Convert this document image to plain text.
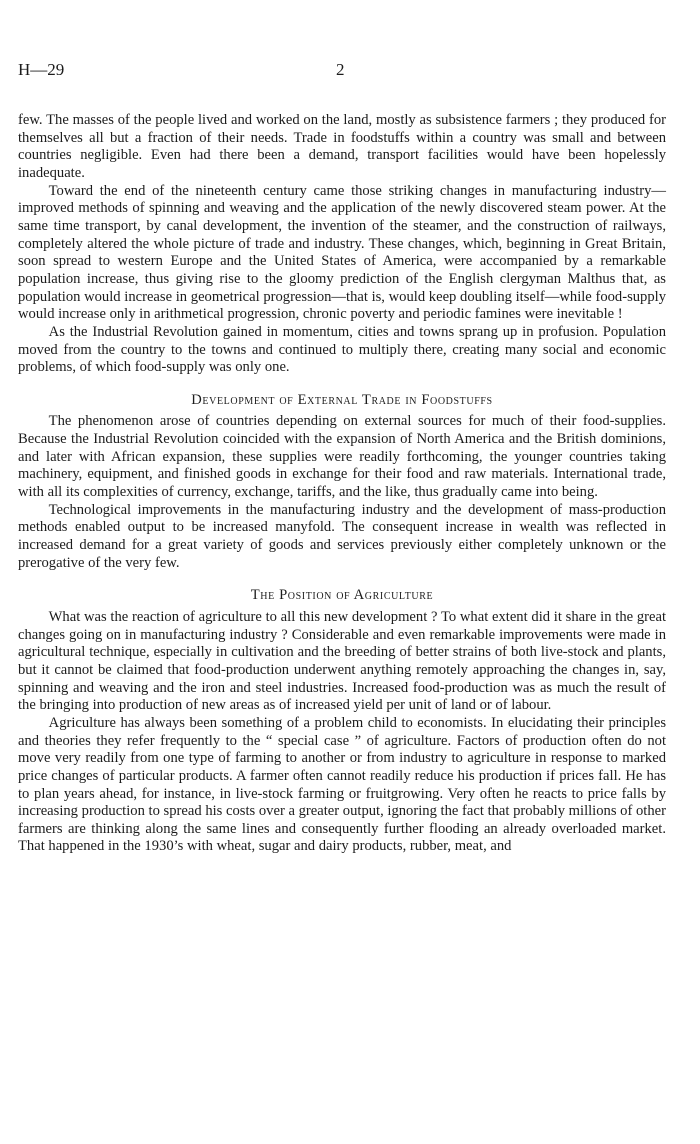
H—29	2

few. The masses of the people lived and worked on the land, mostly as subsistence farmers ; they produced for themselves all but a fraction of their needs. Trade in foodstuffs within a country was small and between countries negligible. Even had there been a demand, transport facilities would have been hopelessly inadequate.

Toward the end of the nineteenth century came those striking changes in manufacturing industry—improved methods of spinning and weaving and the application of the newly discovered steam power. At the same time transport, by canal development, the invention of the steamer, and the construction of railways, completely altered the whole picture of trade and industry. These changes, which, beginning in Great Britain, soon spread to western Europe and the United States of America, were accompanied by a remarkable population increase, thus giving rise to the gloomy prediction of the English clergyman Malthus that, as population would increase in geometrical progression—that is, would keep doubling itself—while food-supply would increase only in arithmetical progression, chronic poverty and periodic famines were inevitable !

As the Industrial Revolution gained in momentum, cities and towns sprang up in profusion. Population moved from the country to the towns and continued to multiply there, creating many social and economic problems, of which food-supply was only one.

Development of External Trade in Foodstuffs

The phenomenon arose of countries depending on external sources for much of their food-supplies. Because the Industrial Revolution coincided with the expansion of North America and the British dominions, and later with African expansion, these supplies were readily forthcoming, the younger countries taking machinery, equipment, and finished goods in exchange for their food and raw materials. International trade, with all its complexities of currency, exchange, tariffs, and the like, thus gradually came into being.

Technological improvements in the manufacturing industry and the development of mass-production methods enabled output to be increased manyfold. The consequent increase in wealth was reflected in increased demand for a great variety of goods and services previously either completely unknown or the prerogative of the very few.

The Position of Agriculture

What was the reaction of agriculture to all this new development ? To what extent did it share in the great changes going on in manufacturing industry ? Considerable and even remarkable improvements were made in agricultural technique, especially in cultivation and the breeding of better strains of both live-stock and plants, but it cannot be claimed that food-production underwent anything remotely approaching the changes in, say, spinning and weaving and the iron and steel industries. Increased food-production was as much the result of the bringing into production of new areas as of increased yield per unit of land or of labour.

Agriculture has always been something of a problem child to economists. In elucidating their principles and theories they refer frequently to the “ special case ” of agriculture. Factors of production often do not move very readily from one type of farming to another or from industry to agriculture in response to marked price changes of particular products. A farmer often cannot readily reduce his production if prices fall. He has to plan years ahead, for instance, in live-stock farming or fruitgrowing. Very often he reacts to price falls by increasing production to spread his costs over a greater output, ignoring the fact that probably millions of other farmers are thinking along the same lines and consequently further flooding an already overloaded market. That happened in the 1930’s with wheat, sugar and dairy products, rubber, meat, and
